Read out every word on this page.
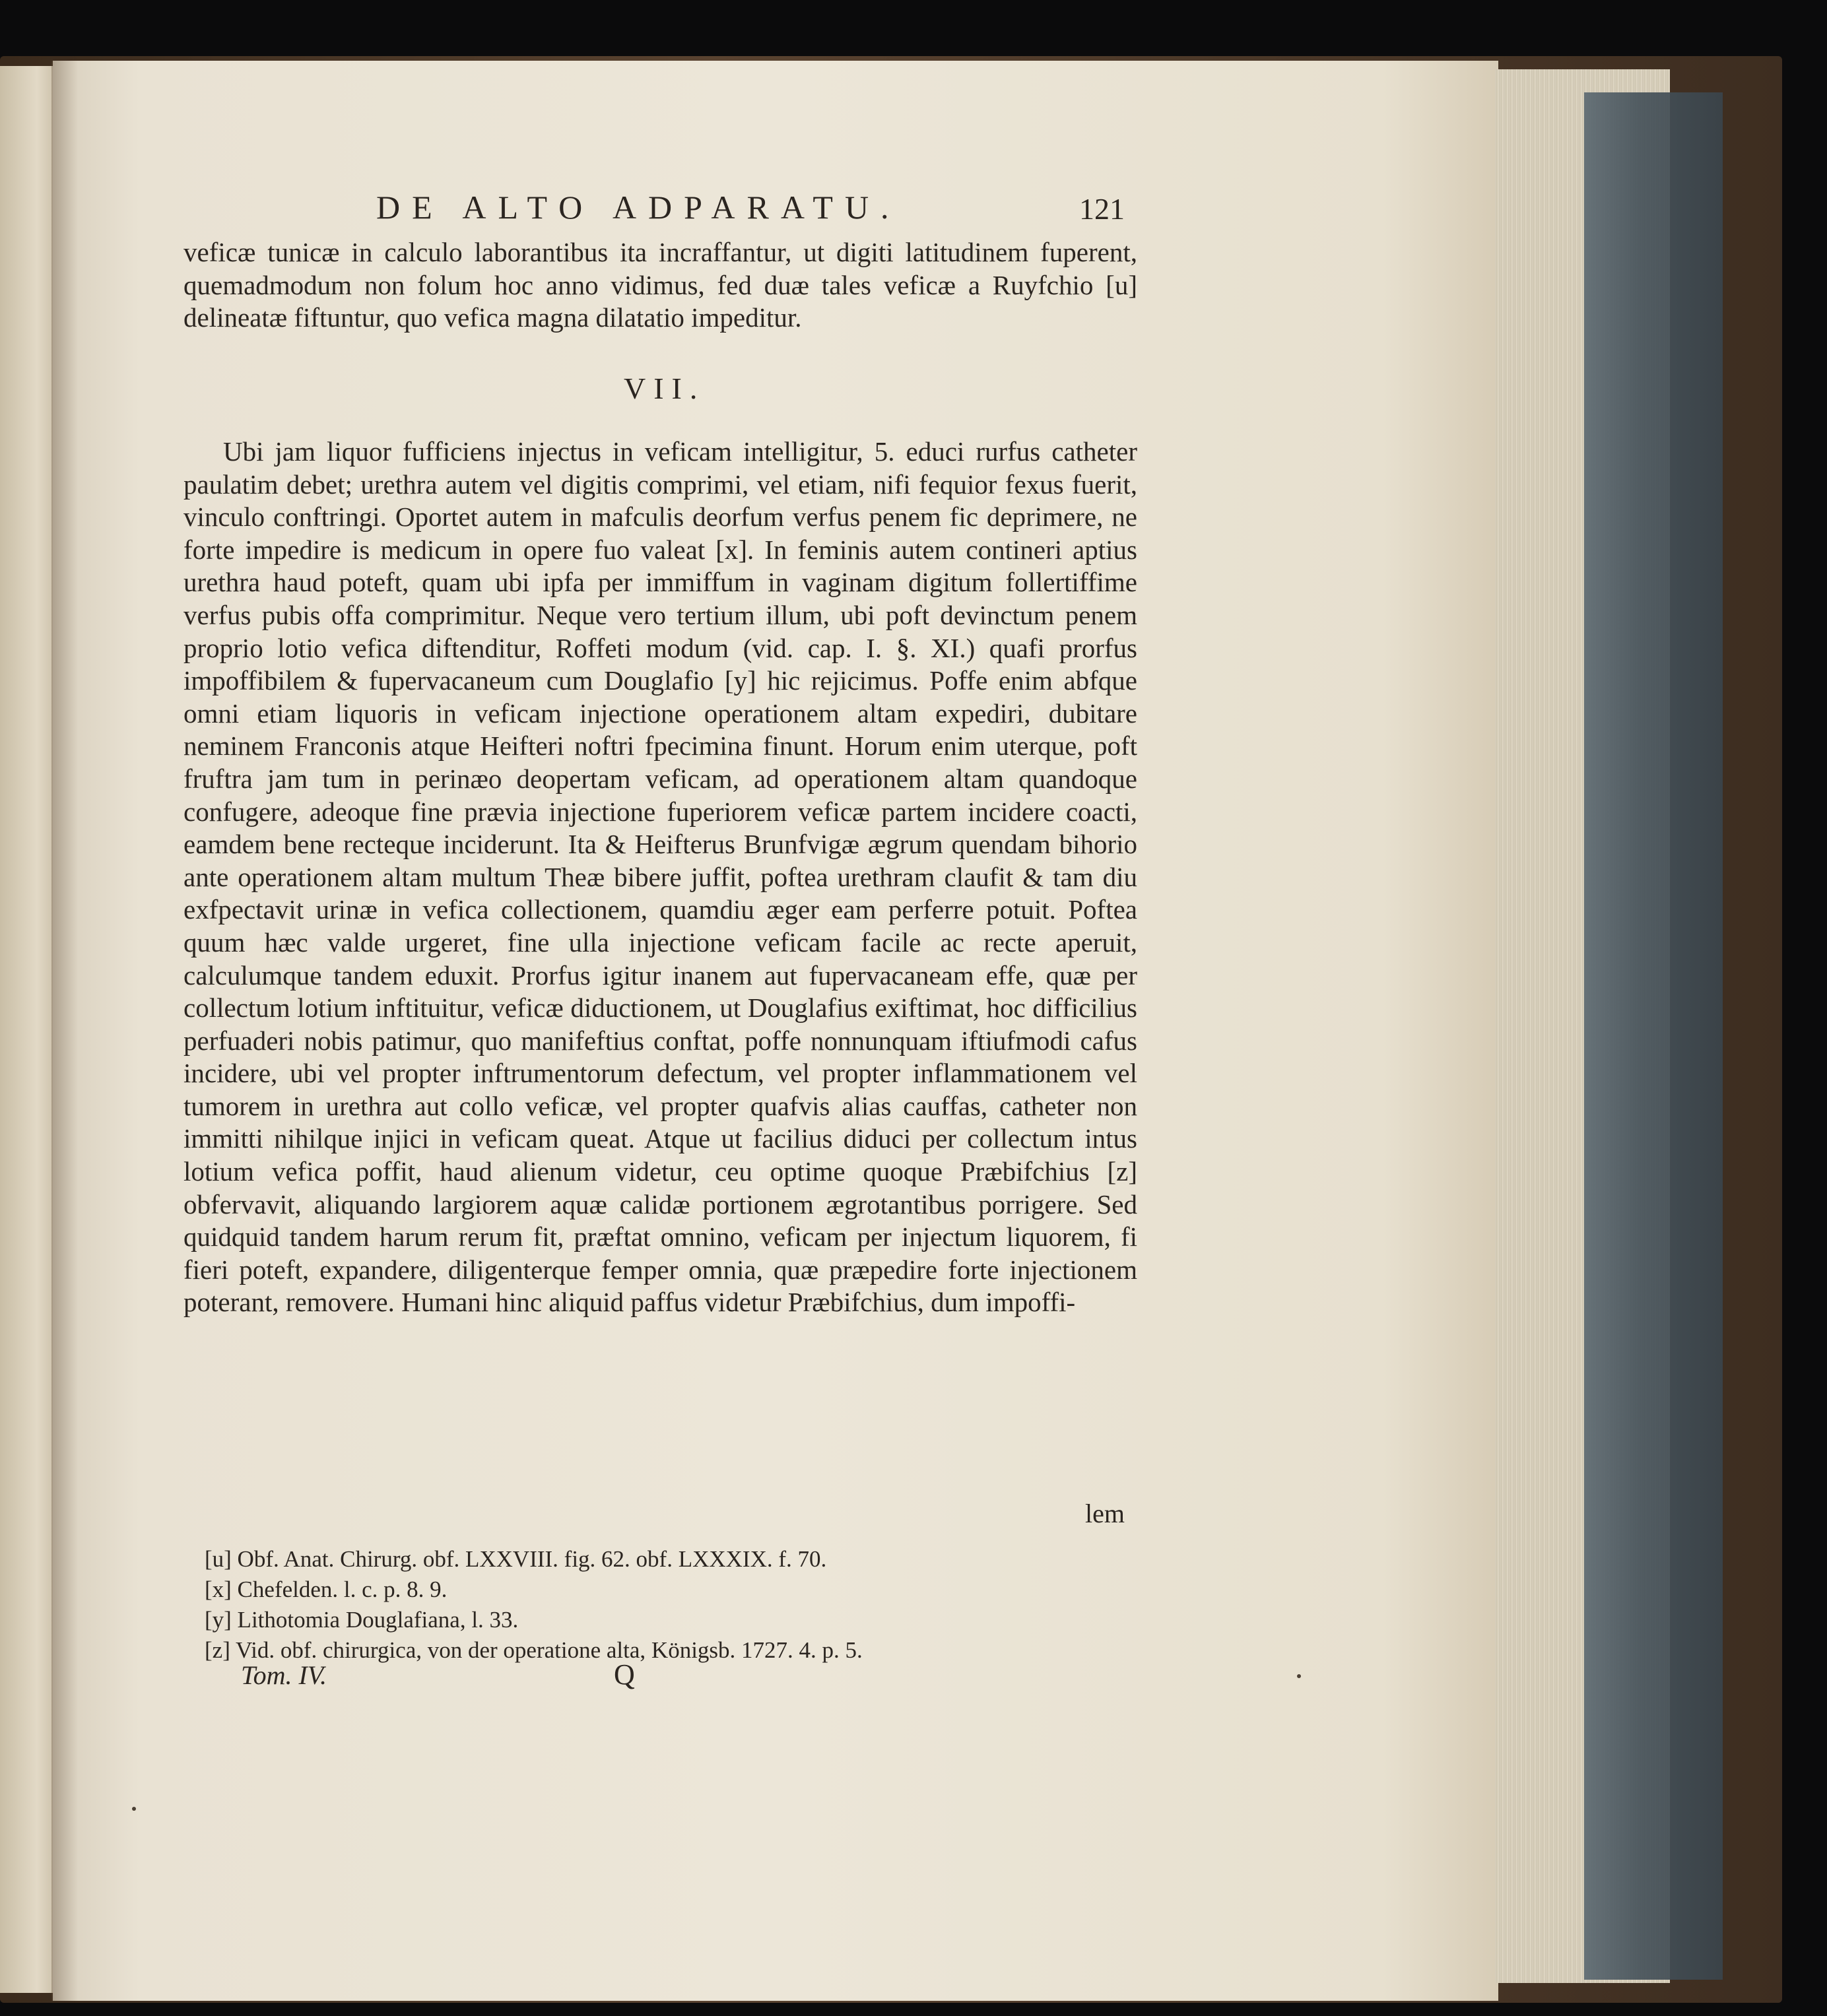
DE ALTO ADPARATU.	121
veficæ tunicæ in calculo laborantibus ita incraffantur, ut digiti latitudinem fuperent, quemadmodum non folum hoc anno vidimus, fed duæ tales veficæ a Ruyfchio [u] delineatæ fiftuntur, quo vefica magna dilatatio impeditur.
VII.
Ubi jam liquor fufficiens injectus in veficam intelligitur, 5. educi rurfus catheter paulatim debet; urethra autem vel digitis comprimi, vel etiam, nifi fequior fexus fuerit, vinculo conftringi. Oportet autem in mafculis deorfum verfus penem fic deprimere, ne forte impedire is medicum in opere fuo valeat [x]. In feminis autem contineri aptius urethra haud poteft, quam ubi ipfa per immiffum in vaginam digitum follertiffime verfus pubis offa comprimitur. Neque vero tertium illum, ubi poft devinctum penem proprio lotio vefica diftenditur, Roffeti modum (vid. cap. I. §. XI.) quafi prorfus impoffibilem & fupervacaneum cum Douglafio [y] hic rejicimus. Poffe enim abfque omni etiam liquoris in veficam injectione operationem altam expediri, dubitare neminem Franconis atque Heifteri noftri fpecimina finunt. Horum enim uterque, poft fruftra jam tum in perinæo deopertam veficam, ad operationem altam quandoque confugere, adeoque fine prævia injectione fuperiorem veficæ partem incidere coacti, eamdem bene recteque inciderunt. Ita & Heifterus Brunfvigæ ægrum quendam bihorio ante operationem altam multum Theæ bibere juffit, poftea urethram claufit & tam diu exfpectavit urinæ in vefica collectionem, quamdiu æger eam perferre potuit. Poftea quum hæc valde urgeret, fine ulla injectione veficam facile ac recte aperuit, calculumque tandem eduxit. Prorfus igitur inanem aut fupervacaneam effe, quæ per collectum lotium inftituitur, veficæ diductionem, ut Douglafius exiftimat, hoc difficilius perfuaderi nobis patimur, quo manifeftius conftat, poffe nonnunquam iftiufmodi cafus incidere, ubi vel propter inftrumentorum defectum, vel propter inflammationem vel tumorem in urethra aut collo veficæ, vel propter quafvis alias cauffas, catheter non immitti nihilque injici in veficam queat. Atque ut facilius diduci per collectum intus lotium vefica poffit, haud alienum videtur, ceu optime quoque Præbifchius [z] obfervavit, aliquando largiorem aquæ calidæ portionem ægrotantibus porrigere. Sed quidquid tandem harum rerum fit, præftat omnino, veficam per injectum liquorem, fi fieri poteft, expandere, diligenterque femper omnia, quæ præpedire forte injectionem poterant, removere. Humani hinc aliquid paffus videtur Præbifchius, dum impoffi-
lem
[u] Obf. Anat. Chirurg. obf. LXXVIII. fig. 62. obf. LXXXIX. f. 70.
[x] Chefelden. l. c. p. 8. 9.
[y] Lithotomia Douglafiana, l. 33.
[z] Vid. obf. chirurgica, von der operatione alta, Königsb. 1727. 4. p. 5.
Tom. IV.	Q
